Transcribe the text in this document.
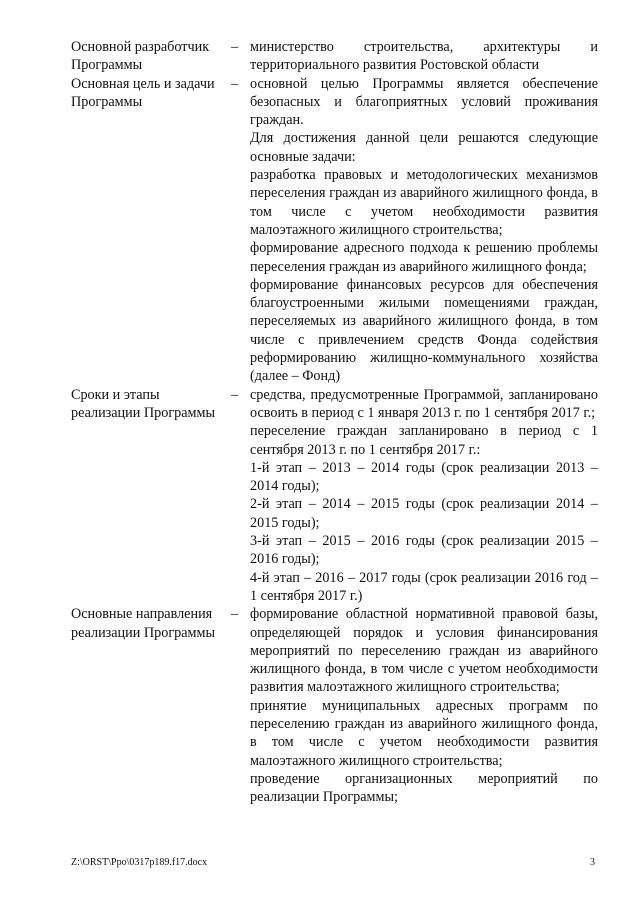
Основной разработчик Программы
– министерство строительства, архитектуры и территориального развития Ростовской области

Основная цель и задачи Программы
– основной целью Программы является обеспечение безопасных и благоприятных условий проживания граждан.

Для достижения данной цели решаются следующие основные задачи:

разработка правовых и методологических механизмов переселения граждан из аварийного жилищного фонда, в том числе с учетом необходимости развития малоэтажного жилищного строительства;

формирование адресного подхода к решению проблемы переселения граждан из аварийного жилищного фонда;

формирование финансовых ресурсов для обеспечения благоустроенными жилыми помещениями граждан, переселяемых из аварийного жилищного фонда, в том числе с привлечением средств Фонда содействия реформированию жилищно-коммунального хозяйства (далее – Фонд)

Сроки и этапы реализации Программы
– средства, предусмотренные Программой, запланировано освоить в период с 1 января 2013 г. по 1 сентября 2017 г.;

переселение граждан запланировано в период с 1 сентября 2013 г. по 1 сентября 2017 г.:

1-й этап – 2013 – 2014 годы (срок реализации 2013 – 2014 годы);

2-й этап – 2014 – 2015 годы (срок реализации 2014 – 2015 годы);

3-й этап – 2015 – 2016 годы (срок реализации 2015 – 2016 годы);

4-й этап – 2016 – 2017 годы (срок реализации 2016 год – 1 сентября 2017 г.)

Основные направления реализации Программы
– формирование областной нормативной правовой базы, определяющей порядок и условия финансирования мероприятий по переселению граждан из аварийного жилищного фонда, в том числе с учетом необходимости развития малоэтажного жилищного строительства;

принятие муниципальных адресных программ по переселению граждан из аварийного жилищного фонда, в том числе с учетом необходимости развития малоэтажного жилищного строительства;

проведение организационных мероприятий по реализации Программы;

Z:\ORST\Ppo\0317p189.f17.docx	3
